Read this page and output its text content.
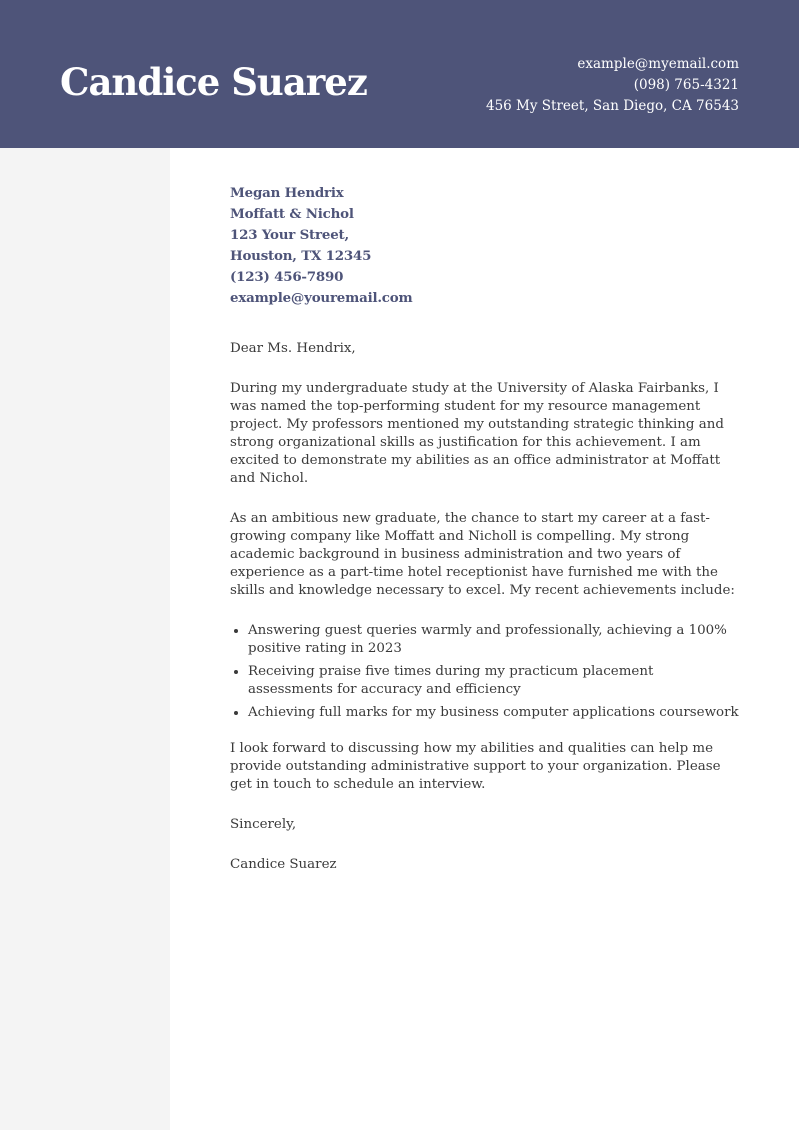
Candice Suarez	example@myemail.com
(098) 765-4321
456 My Street, San Diego, CA 76543
Megan Hendrix
Moffatt & Nichol
123 Your Street,
Houston, TX 12345
(123) 456-7890
example@youremail.com
Dear Ms. Hendrix,

During my undergraduate study at the University of Alaska Fairbanks, I was named the top-performing student for my resource management project. My professors mentioned my outstanding strategic thinking and strong organizational skills as justification for this achievement. I am excited to demonstrate my abilities as an office administrator at Moffatt and Nichol.

As an ambitious new graduate, the chance to start my career at a fast-growing company like Moffatt and Nicholl is compelling. My strong academic background in business administration and two years of experience as a part-time hotel receptionist have furnished me with the skills and knowledge necessary to excel. My recent achievements include:

• Answering guest queries warmly and professionally, achieving a 100% positive rating in 2023
• Receiving praise five times during my practicum placement assessments for accuracy and efficiency
• Achieving full marks for my business computer applications coursework

I look forward to discussing how my abilities and qualities can help me provide outstanding administrative support to your organization. Please get in touch to schedule an interview.

Sincerely,
Candice Suarez
